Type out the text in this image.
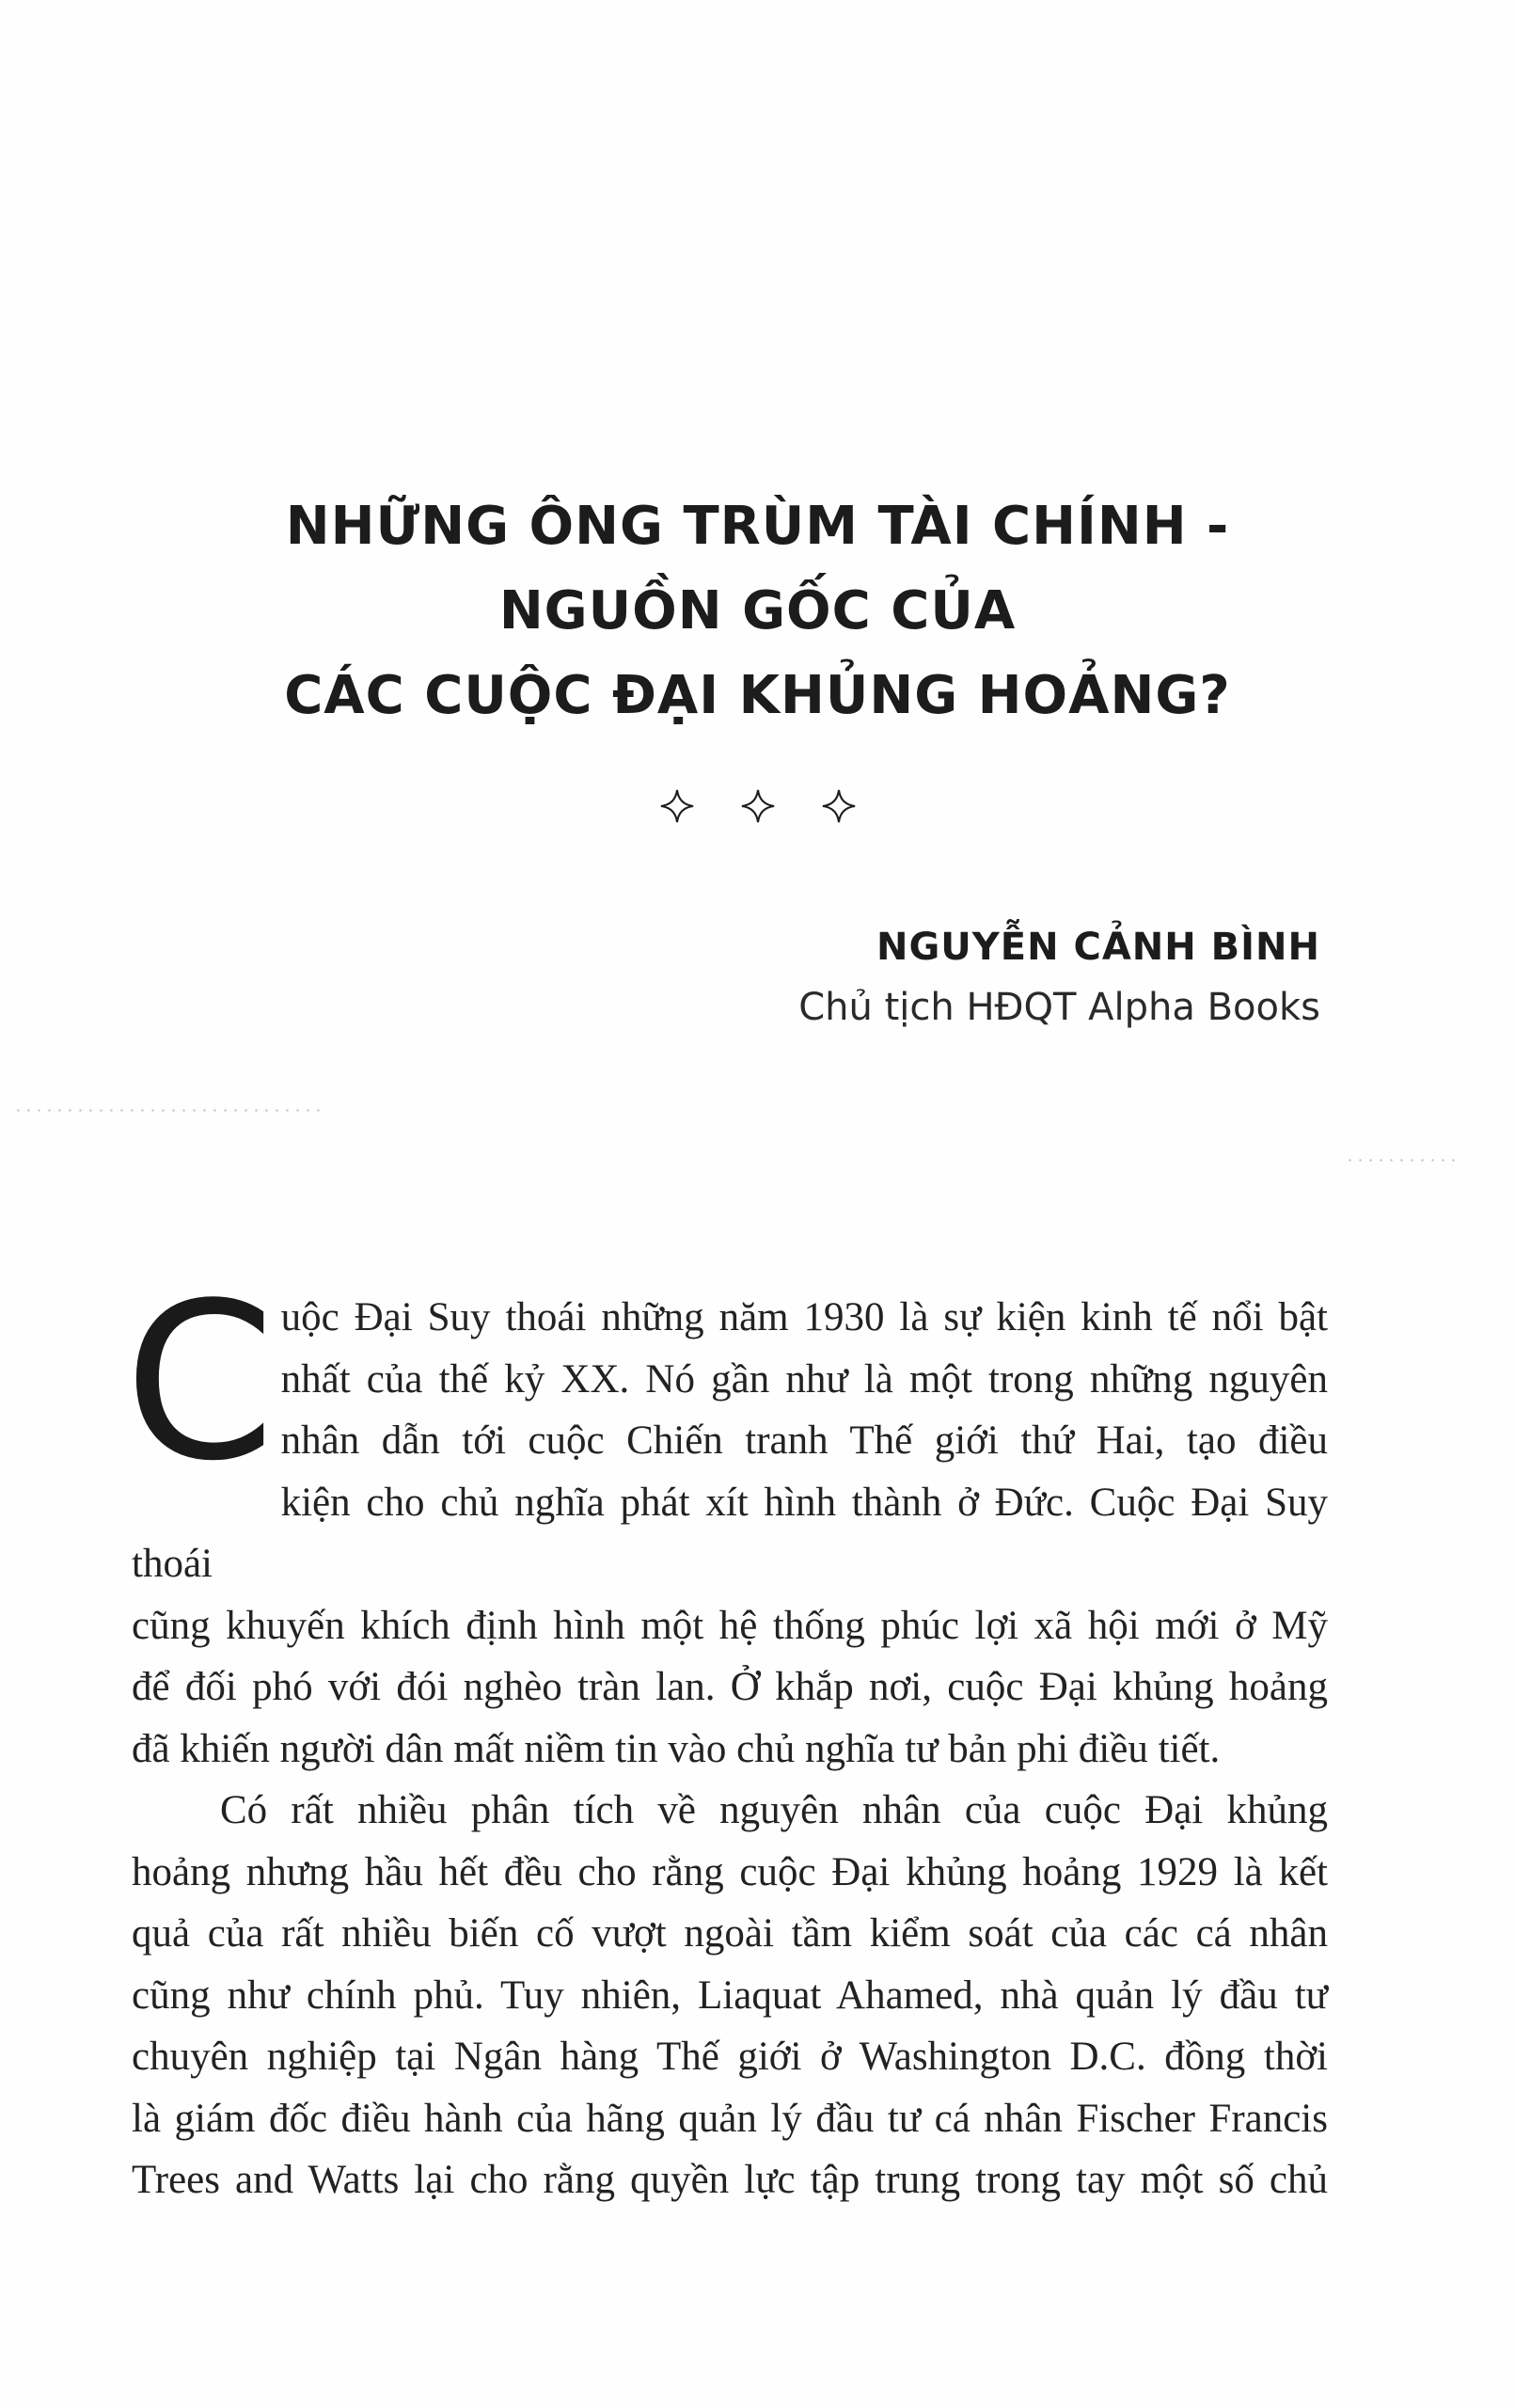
NHỮNG ÔNG TRÙM TÀI CHÍNH -
NGUỒN GỐC CỦA
CÁC CUỘC ĐẠI KHỦNG HOẢNG?
NGUYỄN CẢNH BÌNH
Chủ tịch HĐQT Alpha Books
C uộc Đại Suy thoái những năm 1930 là sự kiện kinh tế nổi bật
nhất của thế kỷ XX. Nó gần như là một trong những nguyên
nhân dẫn tới cuộc Chiến tranh Thế giới thứ Hai, tạo điều
kiện cho chủ nghĩa phát xít hình thành ở Đức. Cuộc Đại Suy thoái
cũng khuyến khích định hình một hệ thống phúc lợi xã hội mới ở Mỹ
để đối phó với đói nghèo tràn lan. Ở khắp nơi, cuộc Đại khủng hoảng
đã khiến người dân mất niềm tin vào chủ nghĩa tư bản phi điều tiết.
Có rất nhiều phân tích về nguyên nhân của cuộc Đại khủng
hoảng nhưng hầu hết đều cho rằng cuộc Đại khủng hoảng 1929 là kết
quả của rất nhiều biến cố vượt ngoài tầm kiểm soát của các cá nhân
cũng như chính phủ. Tuy nhiên, Liaquat Ahamed, nhà quản lý đầu tư
chuyên nghiệp tại Ngân hàng Thế giới ở Washington D.C. đồng thời
là giám đốc điều hành của hãng quản lý đầu tư cá nhân Fischer Francis
Trees and Watts lại cho rằng quyền lực tập trung trong tay một số chủ
